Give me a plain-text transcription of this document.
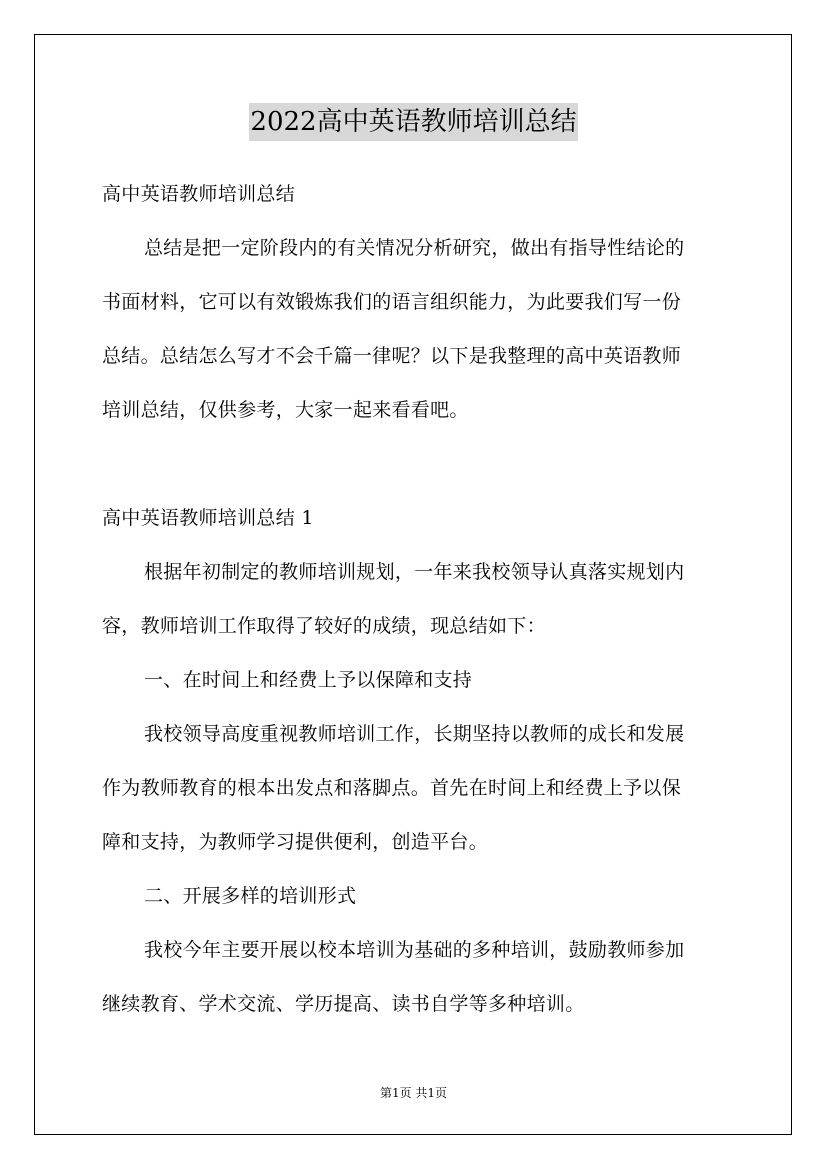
2022高中英语教师培训总结

高中英语教师培训总结

总结是把一定阶段内的有关情况分析研究，做出有指导性结论的

书面材料，它可以有效锻炼我们的语言组织能力，为此要我们写一份

总结。总结怎么写才不会千篇一律呢？以下是我整理的高中英语教师

培训总结，仅供参考，大家一起来看看吧。

高中英语教师培训总结 1

根据年初制定的教师培训规划，一年来我校领导认真落实规划内

容，教师培训工作取得了较好的成绩，现总结如下：

一、在时间上和经费上予以保障和支持

我校领导高度重视教师培训工作，长期坚持以教师的成长和发展

作为教师教育的根本出发点和落脚点。首先在时间上和经费上予以保

障和支持，为教师学习提供便利，创造平台。

二、开展多样的培训形式

我校今年主要开展以校本培训为基础的多种培训，鼓励教师参加

继续教育、学术交流、学历提高、读书自学等多种培训。

第1页 共1页
